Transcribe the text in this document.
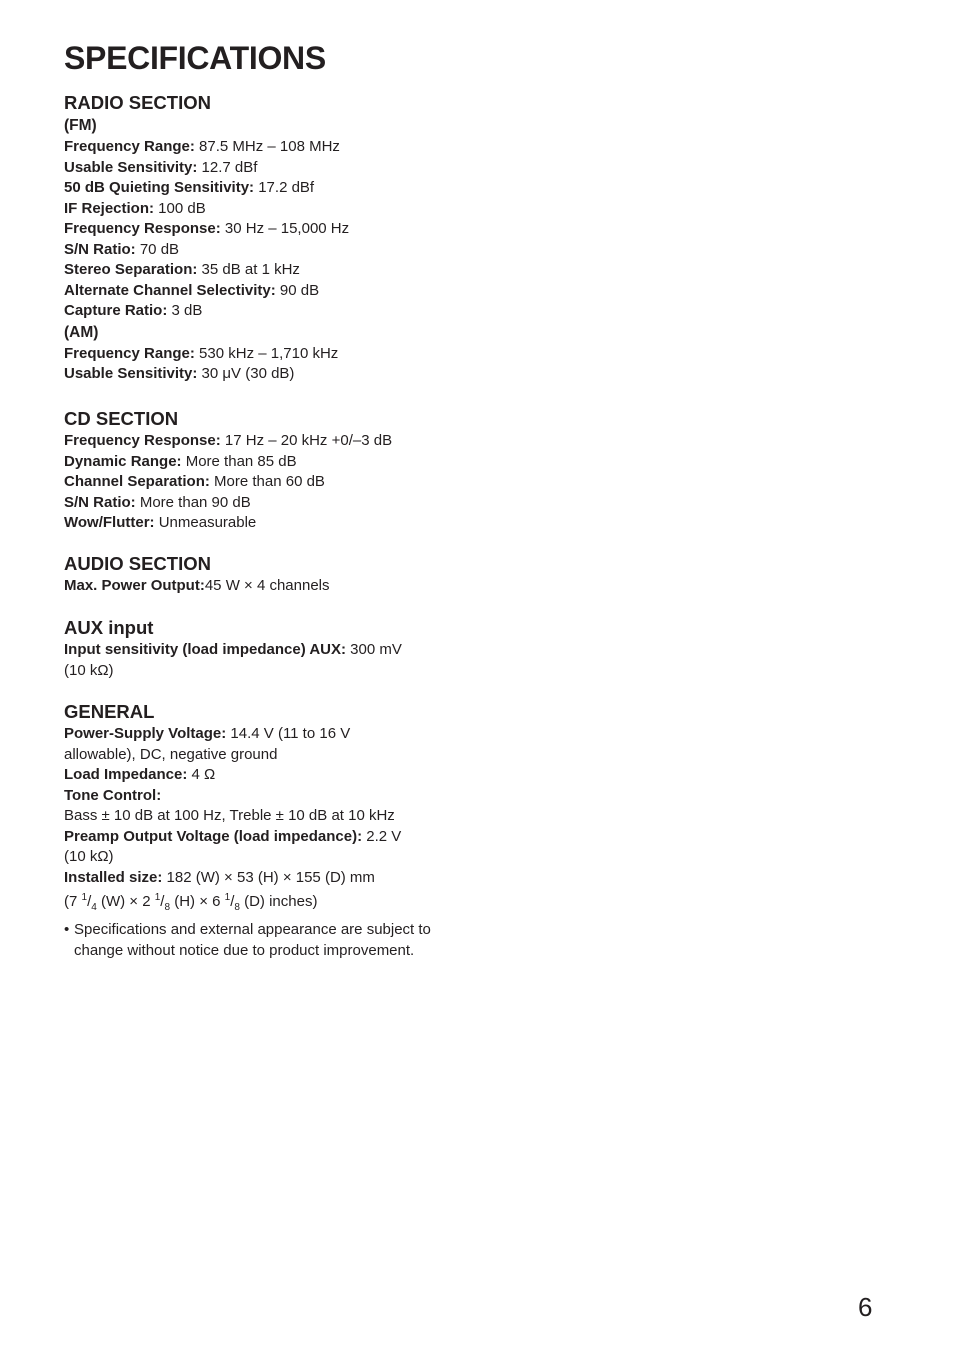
SPECIFICATIONS

RADIO SECTION

(FM)

Frequency Range: 87.5 MHz – 108 MHz

Usable Sensitivity: 12.7 dBf

50 dB Quieting Sensitivity: 17.2 dBf

IF Rejection: 100 dB

Frequency Response: 30 Hz – 15,000 Hz

S/N Ratio: 70 dB

Stereo Separation: 35 dB at 1 kHz

Alternate Channel Selectivity: 90 dB

Capture Ratio: 3 dB

(AM)

Frequency Range: 530 kHz – 1,710 kHz

Usable Sensitivity: 30 μV (30 dB)

CD SECTION

Frequency Response: 17 Hz – 20 kHz +0/–3 dB

Dynamic Range: More than 85 dB

Channel Separation: More than 60 dB

S/N Ratio: More than 90 dB

Wow/Flutter: Unmeasurable

AUDIO SECTION

Max. Power Output:45 W × 4 channels

AUX input

Input sensitivity (load impedance) AUX: 300 mV

(10 kΩ)

GENERAL

Power-Supply Voltage: 14.4 V (11 to 16 V

allowable), DC, negative ground

Load Impedance: 4 Ω

Tone Control:

Bass ± 10 dB at 100 Hz, Treble ± 10 dB at 10 kHz

Preamp Output Voltage (load impedance): 2.2 V

(10 kΩ)

Installed size: 182 (W) × 53 (H) × 155 (D) mm

(7 $^1/_4$ (W) × 2 $^1/_8$ (H) × 6 $^1/_8$ (D) inches)

• Specifications and external appearance are subject to change without notice due to product improvement.
6
